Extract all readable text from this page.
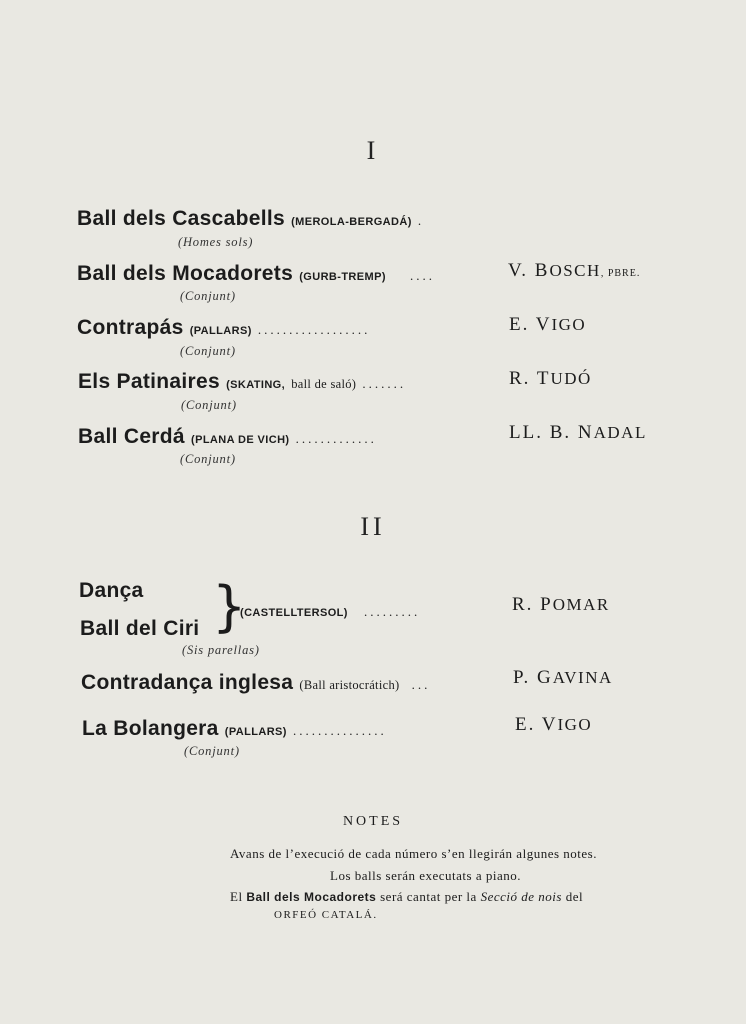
I
Ball dels Cascabells (MEROLA-BERGADÁ) .
(Homes sols)
Ball dels Mocadorets (GURB-TREMP) ....	V. BOSCH, PBRE.
(Conjunt)
Contrapás (PALLARS) ..................	E. VIGO
(Conjunt)
Els Patinaires (SKATING, ball de saló) .......	R. TUDÓ
(Conjunt)
Ball Cerdá (PLANA DE VICH) .............	LL. B. NADAL
(Conjunt)
II
Dança
Ball del Ciri }
(CASTELLTERSOL) .........	R. POMAR
(Sis parellas)
Contradança inglesa (Ball aristocrátich) ...	P. GAVINA
La Bolangera (PALLARS) ...............	E. VIGO
(Conjunt)
NOTES
Avans de l’execució de cada número s’en llegirán algunes notes.
Los balls serán executats a piano.
El Ball dels Mocadorets será cantat per la Secció de nois del
ORFEÓ CATALÁ.
